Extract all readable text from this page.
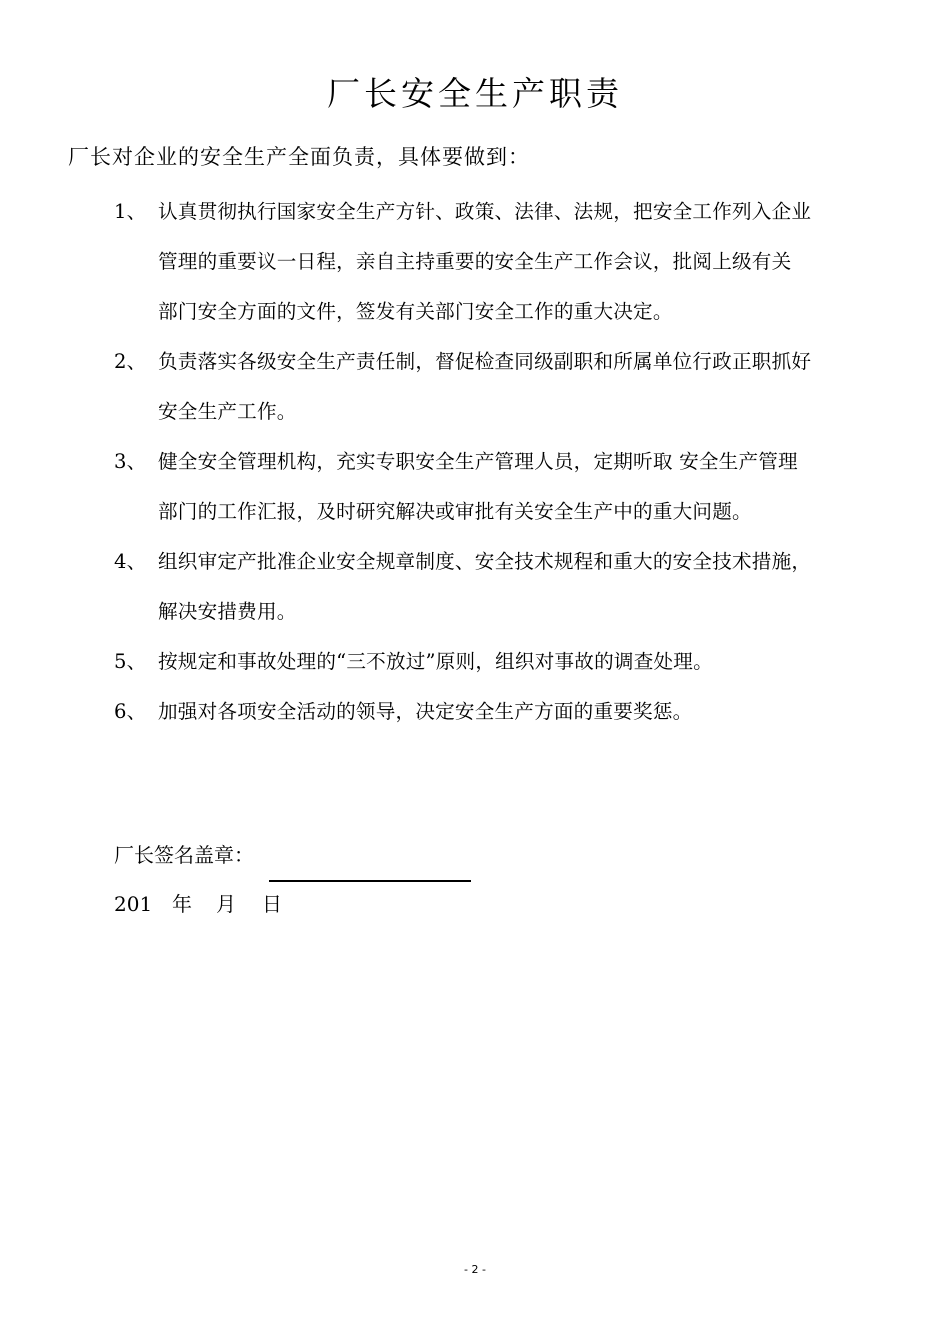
厂长安全生产职责
厂长对企业的安全生产全面负责，具体要做到：
1、 认真贯彻执行国家安全生产方针、政策、法律、法规，把安全工作列入企业
管理的重要议一日程，亲自主持重要的安全生产工作会议，批阅上级有关
部门安全方面的文件，签发有关部门安全工作的重大决定。
2、 负责落实各级安全生产责任制，督促检查同级副职和所属单位行政正职抓好
安全生产工作。
3、 健全安全管理机构，充实专职安全生产管理人员，定期听取 安全生产管理
部门的工作汇报，及时研究解决或审批有关安全生产中的重大问题。
4、 组织审定产批准企业安全规章制度、安全技术规程和重大的安全技术措施，
解决安措费用。
5、 按规定和事故处理的“三不放过”原则，组织对事故的调查处理。
6、 加强对各项安全活动的领导，决定安全生产方面的重要奖惩。
厂长签名盖章：
201 年 月 日
- 2 -
